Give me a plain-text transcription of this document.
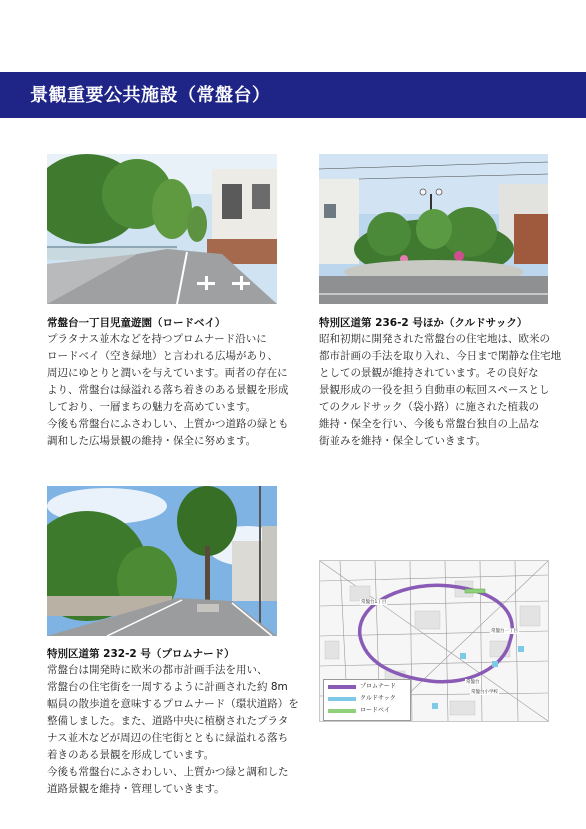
景観重要公共施設（常盤台）
常盤台一丁目児童遊園（ロードベイ）
プラタナス並木などを持つプロムナード沿いに
ロードベイ（空き緑地）と言われる広場があり、
周辺にゆとりと潤いを与えています。両者の存在に
より、常盤台は緑溢れる落ち着きのある景観を形成
しており、一層まちの魅力を高めています。
今後も常盤台にふさわしい、上質かつ道路の緑とも
調和した広場景観の維持・保全に努めます。
特別区道第 236-2 号ほか（クルドサック）
昭和初期に開発された常盤台の住宅地は、欧米の
都市計画の手法を取り入れ、今日まで閑静な住宅地
としての景観が維持されています。その良好な
景観形成の一役を担う自動車の転回スペースとし
てのクルドサック（袋小路）に施された植栽の
維持・保全を行い、今後も常盤台独自の上品な
街並みを維持・保全していきます。
特別区道第 232-2 号（プロムナード）
常盤台は開発時に欧米の都市計画手法を用い、
常盤台の住宅街を一周するように計画された約 8m
幅員の散歩道を意味するプロムナード（環状道路）を
整備しました。また、道路中央に植樹されたプラタ
ナス並木などが周辺の住宅街とともに緑溢れる落ち
着きのある景観を形成しています。
今後も常盤台にふさわしい、上質かつ緑と調和した
道路景観を維持・管理していきます。
常盤台1丁目
常盤台一丁目
常盤台
常盤台小学校
プロムナード
クルドサック
ロードベイ
